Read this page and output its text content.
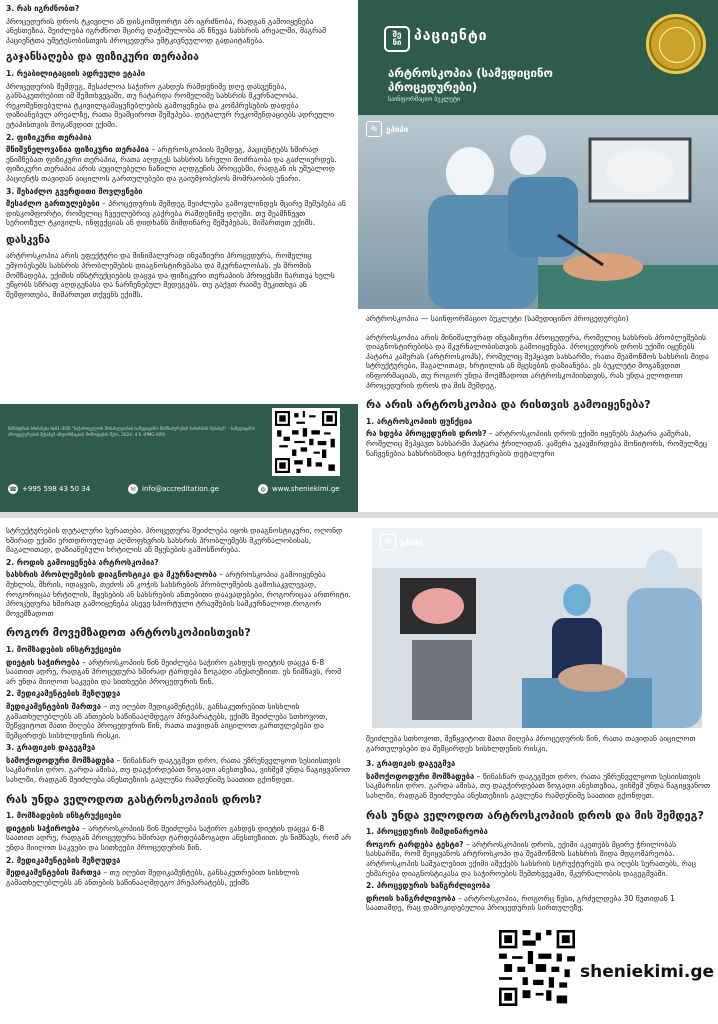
3. რას იგრძნობთ?

პროცედურის დროს ტკივილი ან დისკომფორტი არ იგრძნობა, რადგან გამოიყენება ანესთეზია. შეიძლება იგრძნოთ მცირე დაჭიმულობა ან წნევა სახსრის არეალში, მაგრამ პაციენტთა უმეტესობისთვის პროცედურა უმტკივნეულოდ გადაიტანება.

გაჯანსაღება და ფიზიკური თერაპია

1. რეაბილიტაციის ადრეული ეტაპი

პროცედურის შემდეგ, შესაძლოა საჭირო გახდეს რამდენიმე დღე დასვენება, განსაკუთრებით იმ შემთხვევაში, თუ ჩატარდა რომელიმე სახსრის მკურნალობა. რეკომენდებულია ტკივილგამაყუჩებლების გამოყენება და კომპრესების დადება დაზიანებულ არეალზე, რათა შეამციროთ შეშუპება. დეტალურ რეკომენდაციებს ადრეული ეტაპისთვის მოგაწვდით ექიმი.

2. ფიზიკური თერაპია

მნიშვნელოვანია ფიზიკური თერაპია – არტროსკოპიის შემდეგ, პაციენტებს ხშირად ენიშნებათ ფიზიკური თერაპია, რათა აღდგეს სახსრის სრული მოძრაობა და გაძლიერდეს. ფიზიკური თერაპია არის აუცილებელი ნაწილი აღდგენის პროცესში, რადგან ის უშუალოდ პაციენტს თავიდან აიცილოს გართულებები და გაიუმჯობესოს მომრაობის უნარი.

3. შესაძლო გვერდითი მოვლენები

შესაძლო გართულებები – პროცედურის შემდეგ შეიძლება გამოვლინდეს მცირე შეშუპება ან დისკომფორტი, რომელიც ჩვეულებრივ გაქრება რამდენიმე დღეში. თუ შეამჩნევთ სერიოზულ ტკივილს, ინფექციას ან დიდხანს მიმდინარე შეშუპებას, მიმართეთ ექიმს.

დასკვნა

არტროსკოპია არის ეფექტური და მინიმალურად ინვაზიური პროცედურა, რომელიც უმჯობესებს სახსრის პრობლემების დიაგნოსტირებასა და მკურნალობას. ეს შრომის მომზადება, ექიმის ინსტრუქციების დაცვა და ფიზიკური თერაპიის პროცესში ჩართვა ხელს უწყობს სწრაფ აღდგენასა და ნარჩენებულ შედეგებს. თუ გაქვთ რაიმე შეკითხვა ან შეშფოთება, მიმართეთ თქვენს ექიმს.

მინისტრის ბრძანება №01-30/ნ "საქართველოს მოსახლეობის სამედიცინო მომსახურების ხარისხის შესახებ" - სამედიცინო პროცედურების შესახებ ინფორმაციის მოწოდების წესი, 2024. 4 ნ. (PMG-009)
☎ +995 598 43 50 34	✉ info@accreditation.ge	◍ www.sheniekimi.ge
შე
ნი პაციენტი
არტროსკოპია (სამედიცინო პროცედურები)
საინფორმაციო ბუკლეტი
შე	ეპიპი

არტროსკოპია — საინფორმაციო ბუკლეტი (სამედიცინო პროცედურები)

არტროსკოპია არის მინიმალურად ინვაზიური პროცედურა, რომელიც სახსრის პრობლემების დიაგნოსტირებისა და მკურნალობისთვის გამოიყენება. პროცედურის დროს ექიმი იყენებს პატარა კამერას (არტროსკოპს), რომელიც შეჰყავთ სახსარში, რათა შეამოწმოს სახსრის შიდა სტრუქტურები, მაგალითად, ხრტილის ან მყესების დაზიანება. ეს ბუკლეტი მოგაწვდით ინფორმაციას, თუ როგორ უნდა მოემზადოთ არტროსკოპიისთვის, რას უნდა ელოდოთ პროცედურის დროს და მის შემდეგ.

რა არის არტროსკოპია და რისთვის გამოიყენება?

1. არტროსკოპიის ფუნქცია

რა ხდება პროცედურის დროს? – არტროსკოპიის დროს ექიმი იყენებს პატარა კამერას, რომელიც შეჰყავთ სახსარში პატარა ჭრილიდან. კამერა უკავშირდება მონიტორს, რომელზეც ნაჩვენებია სახსრისშიდა სტრუქტურების დეტალური

სტრუქტურების დეტალური სურათები. პროცედურა შეიძლება იყოს დიაგნოსტიკური, ოღონდ ხშირად ექიმი ერთდროულად აღმოფხვრის სახსრის პრობლემებს მკურნალობისას, მაგალითად, დაზიანებული ხრტილის ან მყესების გამოსწორება.

2. როდის გამოიყენება არტროსკოპია?

სახსრის პრობლემების დიაგნოსტიკა და მკურნალობა – არტროსკოპია გამოიყენება მუხლის, მხრის, იდაყვის, თეძოს ან კოჭის სახსრების პრობლემების გამოსაკვლევად, როგორიცაა ხრტილის, მყესების ან სახსრების ანთებითი დაავადებები, როგორიცაა ართრიტი. პროცედურა ხშირად გამოიყენება ასევე სპორტული ტრავმების საშკურნალოდ.როგორ მოვემზადოთ

როგორ მოვემზადოთ არტროსკოპიისთვის?

1. მომზადების ინსტრუქციები

დიეტის საჭიროება – არტროსკოპიის წინ შეიძლება საჭირო გახდეს დიეტის დაცვა 6-8 საათით ადრე, რადგან პროცედურა ხშირად ტარდება ზოგადი ანესთეზიით. ეს ნიშნავს, რომ არ უნდა მიიღოთ საკვები და სითხეები პროცედურის წინ.

2. მედიკამენტების შეზღუდვა

მედიკამენტების მართვა – თუ იღებთ მედიკამენტებს, განსაკუთრებით სისხლის გამათხელებლებს ან ანთების საწინააღმდეგო პრეპარატებს, ექიმს შეიძლება სთხოვოთ, შეწყვიტოთ მათი მიღება პროცედურის წინ, რათა თავიდან აიცილოთ გართულებები და შემცირდეს სისხლდენის რისკი.

3. გრაფიკის დაგეგმვა

სამოქოდოდური მომზადება – წინასწარ დაგეგმეთ დრო, რათა უზრუნველყოთ სესიისთვის საკმარისი დრო. გარდა ამისა, თუ დაგჭირდებათ ზოგადი ანესთეზია, ვინმემ უნდა წაგიყვანოთ სახლში, რადგან შეიძლება ანესთეზიის გავლენა რამდენიმე საათით გქონდეთ.

რას უნდა ველოდოთ გასტროსკოპიის დროს?

1. მომზადების ინსტრუქციები

დიეტის საჭიროება – არტროსკოპიის წინ შეიძლება საჭირო გახდეს დიეტის დაცვა 6-8 საათით ადრე, რადგან პროცედურა ხშირად ტარდებაზოგადი ანესთეზიით. ეს ნიშნავს, რომ არ უნდა მიიღოთ საკვები და სითხეები პროცედურის წინ.

2. მედიკამენტების შეზღუდვა

მედიკამენტების მართვა – თუ იღებთ მედიკამენტებს, განსაკუთრებით სისხლის გამათხელებლებს ან ანთების საწინააღმდეგო პრეპარატებს, ექიმს

შე	ეპიპი

შეიძლება სთხოვოთ, შეწყვიტოთ მათი მიღება პროცედურის წინ, რათა თავიდან აიცილოთ გართულებები და შემცირდეს სისხლდენის რისკი.

3. გრაფიკის დაგეგმვა

სამოქოდოდური მომზადება – წინასწარ დაგეგმეთ დრო, რათა უზრუნველყოთ სესიისთვის საკმარისი დრო. გარდა ამისა, თუ დაგჭირდებათ ზოგადი ანესთეზია, ვინმემ უნდა წაგიყვანოთ სახლში, რადგან შეიძლება ანესთეზიის გავლენა რამდენიმე საათით გქონდეთ.

რას უნდა ველოდოთ არტროსკოპიის დროს და მის შემდეგ?

1. პროცედურის მიმდინარეობა

როგორ ტარდება ტესტი? – არტროსკოპიის დროს, ექიმი აკეთებს მცირე ჭრილობას სახსარში, რომ შეიყვანოს არტროსკოპი და შეამოწმოს სახსრის შიდა მდგომარეობა. არტროსკოპის საშუალებით ექიმი აშუქებს სახსრის სტრუქტურებს და იღებს სურათებს, რაც ეხმარება დიაგნოსტიკასა და საჭიროების შემთხვევაში, მკურნალობის დაგეგმვაში.

2. პროცედურის ხანგრძლივობა

დროის ხანგრძლივობა – არტროსკოპია, როგორც წესი, გრძელდება 30 წუთიდან 1 საათამდე, რაც დამოკიდებულია პროცედურის სირთულეზე.

sheniekimi.ge
